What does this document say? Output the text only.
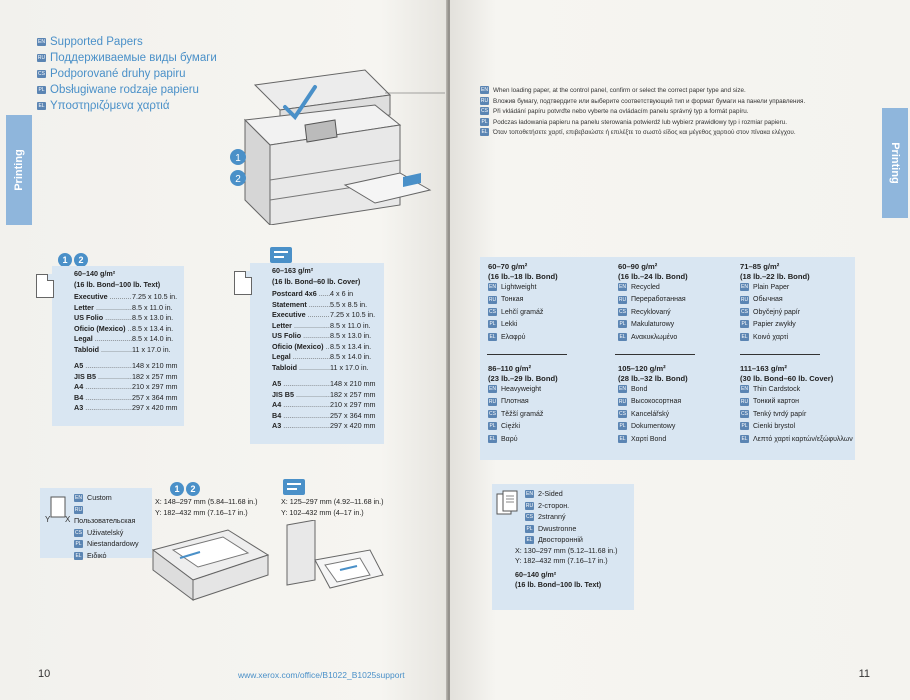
Printing
EN Supported Papers
RU Поддерживаемые виды бумаги
CS Podporované druhy papiru
PL Obsługiwane rodzaje papieru
EL Υποστηριζόμενα χαρτιά
1
2
1 2
60–140 g/m²
(16 lb. Bond–100 lb. Text)
Executive .....	7.25 x 10.5 in.
Letter .....	8.5 x 11.0 in.
US Folio .....	8.5 x 13.0 in.
Oficio (Mexico) ..... 8.5 x 13.4 in.
Legal .....	8.5 x 14.0 in.
Tabloid .....	11 x 17.0 in.
A5 .....	148 x 210 mm
JIS B5 .....	182 x 257 mm
A4 .....	210 x 297 mm
B4 .....	257 x 364 mm
A3 .....	297 x 420 mm
60–163 g/m²
(16 lb. Bond–60 lb. Cover)
Postcard 4x6 .....	4 x 6 in
Statement .....	5.5 x 8.5 in.
Executive .....	7.25 x 10.5 in.
Letter .....	8.5 x 11.0 in.
US Folio .....	8.5 x 13.0 in.
Oficio (Mexico) ..... 8.5 x 13.4 in.
Legal .....	8.5 x 14.0 in.
Tabloid .....	11 x 17.0 in.
A5 .....	148 x 210 mm
JIS B5 .....	182 x 257 mm
A4 .....	210 x 297 mm
B4 .....	257 x 364 mm
A3 .....	297 x 420 mm
Y X
EN Custom
RUПользовательская
CS Uživatelský
PL Niestandardowy
EL Ειδικό
1 2
X: 148–297 mm (5.84–11.68 in.)
Y: 182–432 mm (7.16–17 in.)
X: 125–297 mm (4.92–11.68 in.)
Y: 102–432 mm (4–17 in.)
10	www.xerox.com/office/B1022_B1025support
Printing
EN When loading paper, at the control panel, confirm or select the correct paper type and size.
RU Вложив бумагу, подтвердите или выберите соответствующий тип и формат бумаги на панели управления.
CS Při vkládání papíru potvrďte nebo vyberte na ovládacím panelu správný typ a formát papíru.
PL Podczas ładowania papieru na panelu sterowania potwierdź lub wybierz prawidłowy typ i rozmiar papieru.
EL Όταν τοποθετήσετε χαρτί, επιβεβαιώστε ή επιλέξτε το σωστό είδος και μέγεθος χαρτιού στον πίνακα ελέγχου.
60–70 g/m²
(16 lb.–18 lb. Bond)
EN Lightweight
RU Тонкая
CS Lehčí gramáž
PL Lekki
EL Ελαφρύ
60–90 g/m²
(16 lb.–24 lb. Bond)
EN Recycled
RU Переработанная
CS Recyklovaný
PL Makulaturowy
EL Ανακυκλωμένο
71–85 g/m²
(18 lb.–22 lb. Bond)
EN Plain Paper
RU Обычная
CS Obyčejný papír
PL Papier zwykły
EL Κοινό χαρτί
86–110 g/m²
(23 lb.–29 lb. Bond)
EN Heavyweight
RU Плотная
CS Těžší gramáž
PL Ciężki
EL Βαρύ
105–120 g/m²
(28 lb.–32 lb. Bond)
EN Bond
RU Высокосортная
CS Kancelářský
PL Dokumentowy
EL Χαρτί Bond
111–163 g/m²
(30 lb. Bond–60 lb. Cover)
EN Thin Cardstock
RU Тонкий картон
CS Tenký tvrdý papír
PL Cienki brystol
EL Λεπτό χαρτί καρτών/εξώφυλλων
EN 2-Sided
RU 2-сторон.
CS 2stranný
PL Dwustronne
EL Двосторонній
X: 130–297 mm (5.12–11.68 in.)
Y: 182–432 mm (7.16–17 in.)
60–140 g/m²
(16 lb. Bond–100 lb. Text)
11
